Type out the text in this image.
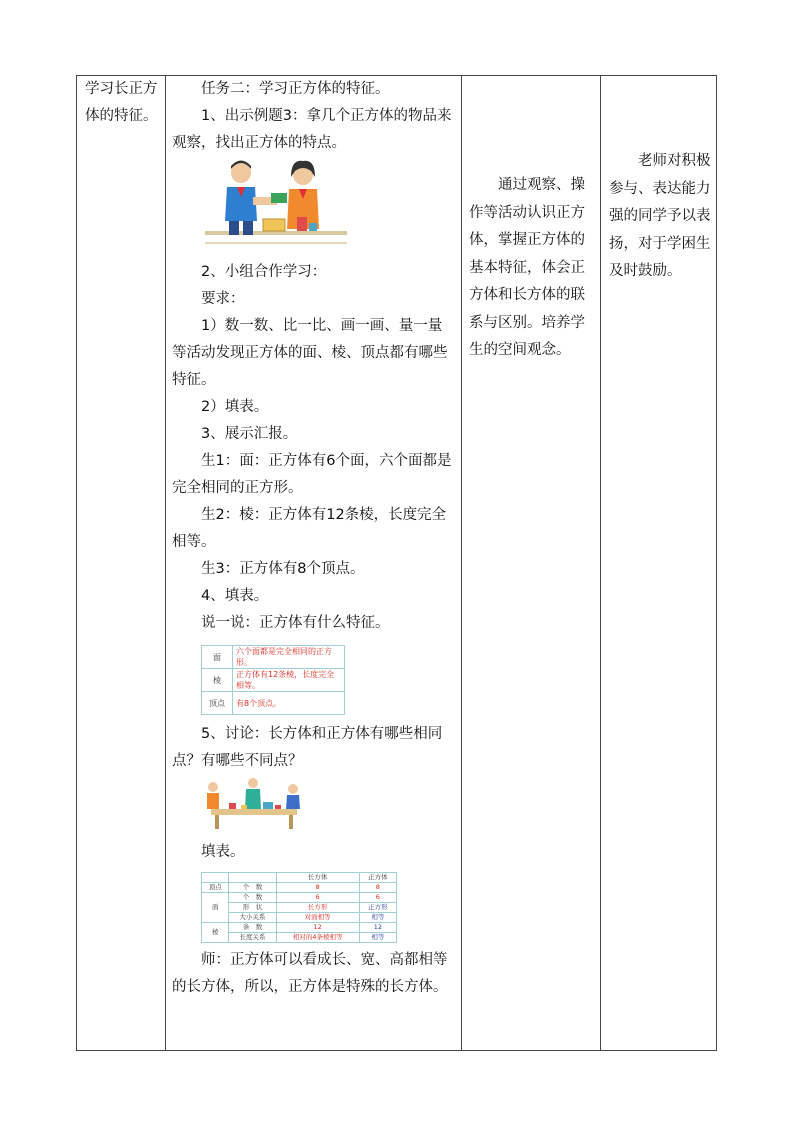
学习长正方体的特征。

任务二：学习正方体的特征。

1、出示例题3：拿几个正方体的物品来观察，找出正方体的特点。

2、小组合作学习：

要求：

1）数一数、比一比、画一画、量一量等活动发现正方体的面、棱、顶点都有哪些特征。

2）填表。

3、展示汇报。

生1：面：正方体有6个面，六个面都是完全相同的正方形。

生2：棱：正方体有12条棱，长度完全相等。

生3：正方体有8个顶点。

4、填表。

说一说：正方体有什么特征。

面	六个面都是完全相同的正方形。
棱	正方体有12条棱，长度完全相等。
顶点	有8个顶点。

5、讨论：长方体和正方体有哪些相同点？有哪些不同点？

填表。

		长方体	正方体
顶点	个　数	8	8
面	个　数	6	6
	形　状	长方形	正方形
	大小关系	对面相等	相等
棱	条　数	12	12
	长度关系	相对的4条棱相等	相等

师：正方体可以看成长、宽、高都相等的长方体，所以，正方体是特殊的长方体。

通过观察、操作等活动认识正方体，掌握正方体的基本特征，体会正方体和长方体的联系与区别。培养学生的空间观念。
老师对积极参与、表达能力强的同学予以表扬，对于学困生及时鼓励。
